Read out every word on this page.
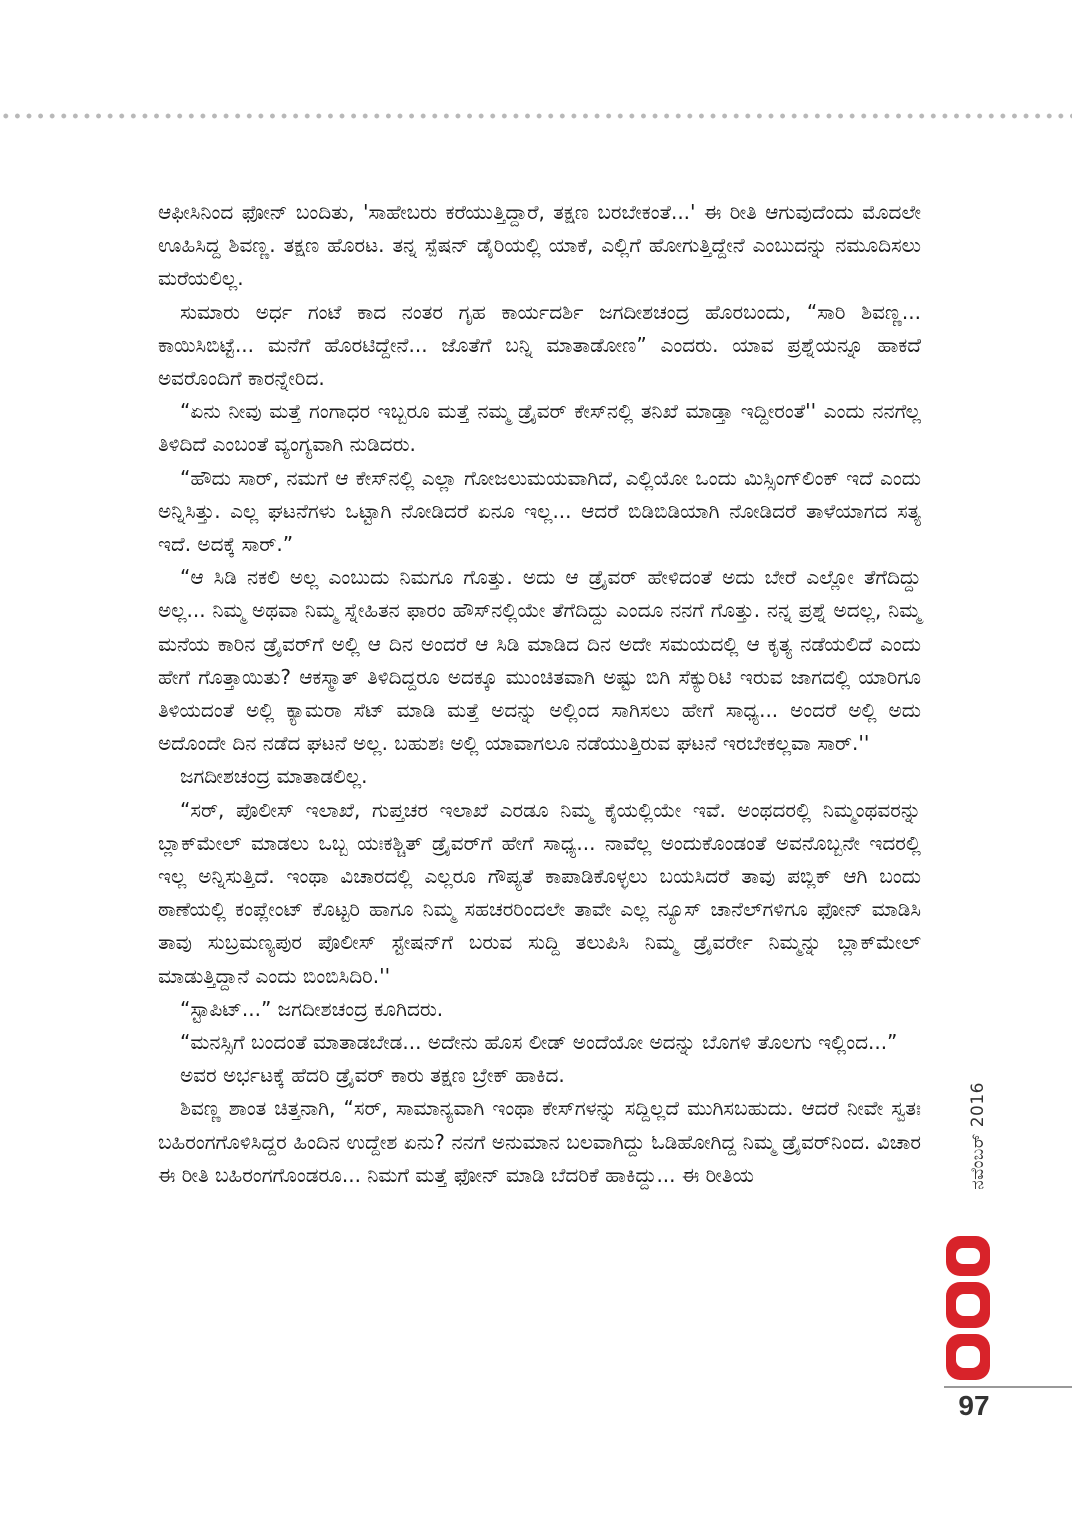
ಆಫೀಸಿನಿಂದ ಫೋನ್ ಬಂದಿತು, 'ಸಾಹೇಬರು ಕರೆಯುತ್ತಿದ್ದಾರೆ, ತಕ್ಷಣ ಬರಬೇಕಂತೆ...' ಈ ರೀತಿ ಆಗುವುದೆಂದು ಮೊದಲೇ ಊಹಿಸಿದ್ದ ಶಿವಣ್ಣ. ತಕ್ಷಣ ಹೊರಟ. ತನ್ನ ಸ್ಪೆಷನ್ ಡೈರಿಯಲ್ಲಿ ಯಾಕೆ, ಎಲ್ಲಿಗೆ ಹೋಗುತ್ತಿದ್ದೇನೆ ಎಂಬುದನ್ನು ನಮೂದಿಸಲು ಮರೆಯಲಿಲ್ಲ.

ಸುಮಾರು ಅರ್ಧ ಗಂಟೆ ಕಾದ ನಂತರ ಗೃಹ ಕಾರ್ಯದರ್ಶಿ ಜಗದೀಶಚಂದ್ರ ಹೊರಬಂದು, “ಸಾರಿ ಶಿವಣ್ಣ... ಕಾಯಿಸಿಬಿಟ್ಟೆ... ಮನೆಗೆ ಹೊರಟಿದ್ದೇನೆ... ಜೊತೆಗೆ ಬನ್ನಿ ಮಾತಾಡೋಣ” ಎಂದರು. ಯಾವ ಪ್ರಶ್ನೆಯನ್ನೂ ಹಾಕದೆ ಅವರೊಂದಿಗೆ ಕಾರನ್ನೇರಿದ.

“ಏನು ನೀವು ಮತ್ತೆ ಗಂಗಾಧರ ಇಬ್ಬರೂ ಮತ್ತೆ ನಮ್ಮ ಡ್ರೈವರ್ ಕೇಸ್‌ನಲ್ಲಿ ತನಿಖೆ ಮಾಡ್ತಾ ಇದ್ದೀರಂತೆ'' ಎಂದು ನನಗೆಲ್ಲ ತಿಳಿದಿದೆ ಎಂಬಂತೆ ವ್ಯಂಗ್ಯವಾಗಿ ನುಡಿದರು.

“ಹೌದು ಸಾರ್, ನಮಗೆ ಆ ಕೇಸ್‌ನಲ್ಲಿ ಎಲ್ಲಾ ಗೋಜಲುಮಯವಾಗಿದೆ, ಎಲ್ಲಿಯೋ ಒಂದು ಮಿಸ್ಸಿಂಗ್‌ಲಿಂಕ್ ಇದೆ ಎಂದು ಅನ್ನಿಸಿತ್ತು. ಎಲ್ಲ ಘಟನೆಗಳು ಒಟ್ಟಾಗಿ ನೋಡಿದರೆ ಏನೂ ಇಲ್ಲ... ಆದರೆ ಬಿಡಿಬಿಡಿಯಾಗಿ ನೋಡಿದರೆ ತಾಳೆಯಾಗದ ಸತ್ಯ ಇದೆ. ಅದಕ್ಕೆ ಸಾರ್.”

“ಆ ಸಿಡಿ ನಕಲಿ ಅಲ್ಲ ಎಂಬುದು ನಿಮಗೂ ಗೊತ್ತು. ಅದು ಆ ಡ್ರೈವರ್ ಹೇಳಿದಂತೆ ಅದು ಬೇರೆ ಎಲ್ಲೋ ತೆಗೆದಿದ್ದು ಅಲ್ಲ... ನಿಮ್ಮ ಅಥವಾ ನಿಮ್ಮ ಸ್ನೇಹಿತನ ಫಾರಂ ಹೌಸ್‌ನಲ್ಲಿಯೇ ತೆಗೆದಿದ್ದು ಎಂದೂ ನನಗೆ ಗೊತ್ತು. ನನ್ನ ಪ್ರಶ್ನೆ ಅದಲ್ಲ, ನಿಮ್ಮ ಮನೆಯ ಕಾರಿನ ಡ್ರೈವರ್‌ಗೆ ಅಲ್ಲಿ ಆ ದಿನ ಅಂದರೆ ಆ ಸಿಡಿ ಮಾಡಿದ ದಿನ ಅದೇ ಸಮಯದಲ್ಲಿ ಆ ಕೃತ್ಯ ನಡೆಯಲಿದೆ ಎಂದು ಹೇಗೆ ಗೊತ್ತಾಯಿತು? ಆಕಸ್ಮಾತ್ ತಿಳಿದಿದ್ದರೂ ಅದಕ್ಕೂ ಮುಂಚಿತವಾಗಿ ಅಷ್ಟು ಬಿಗಿ ಸೆಕ್ಯುರಿಟಿ ಇರುವ ಜಾಗದಲ್ಲಿ ಯಾರಿಗೂ ತಿಳಿಯದಂತೆ ಅಲ್ಲಿ ಕ್ಯಾಮರಾ ಸೆಟ್ ಮಾಡಿ ಮತ್ತೆ ಅದನ್ನು ಅಲ್ಲಿಂದ ಸಾಗಿಸಲು ಹೇಗೆ ಸಾಧ್ಯ... ಅಂದರೆ ಅಲ್ಲಿ ಅದು ಅದೊಂದೇ ದಿನ ನಡೆದ ಘಟನೆ ಅಲ್ಲ. ಬಹುಶಃ ಅಲ್ಲಿ ಯಾವಾಗಲೂ ನಡೆಯುತ್ತಿರುವ ಘಟನೆ ಇರಬೇಕಲ್ಲವಾ ಸಾರ್.''

ಜಗದೀಶಚಂದ್ರ ಮಾತಾಡಲಿಲ್ಲ.

“ಸರ್, ಪೊಲೀಸ್ ಇಲಾಖೆ, ಗುಪ್ತಚರ ಇಲಾಖೆ ಎರಡೂ ನಿಮ್ಮ ಕೈಯಲ್ಲಿಯೇ ಇವೆ. ಅಂಥದರಲ್ಲಿ ನಿಮ್ಮಂಥವರನ್ನು ಬ್ಲಾಕ್‌ಮೇಲ್ ಮಾಡಲು ಒಬ್ಬ ಯಃಕಶ್ಚಿತ್ ಡ್ರೈವರ್‌ಗೆ ಹೇಗೆ ಸಾಧ್ಯ... ನಾವೆಲ್ಲ ಅಂದುಕೊಂಡಂತೆ ಅವನೊಬ್ಬನೇ ಇದರಲ್ಲಿ ಇಲ್ಲ ಅನ್ನಿಸುತ್ತಿದೆ. ಇಂಥಾ ವಿಚಾರದಲ್ಲಿ ಎಲ್ಲರೂ ಗೌಪ್ಯತೆ ಕಾಪಾಡಿಕೊಳ್ಳಲು ಬಯಸಿದರೆ ತಾವು ಪಬ್ಲಿಕ್ ಆಗಿ ಬಂದು ಠಾಣೆಯಲ್ಲಿ ಕಂಪ್ಲೇಂಟ್ ಕೊಟ್ಟರಿ ಹಾಗೂ ನಿಮ್ಮ ಸಹಚರರಿಂದಲೇ ತಾವೇ ಎಲ್ಲ ನ್ಯೂಸ್ ಚಾನೆಲ್‌ಗಳಿಗೂ ಫೋನ್ ಮಾಡಿಸಿ ತಾವು ಸುಬ್ರಮಣ್ಯಪುರ ಪೊಲೀಸ್ ಸ್ಟೇಷನ್‌ಗೆ ಬರುವ ಸುದ್ದಿ ತಲುಪಿಸಿ ನಿಮ್ಮ ಡ್ರೈವರ್ರೇ ನಿಮ್ಮನ್ನು ಬ್ಲಾಕ್‌ಮೇಲ್ ಮಾಡುತ್ತಿದ್ದಾನೆ ಎಂದು ಬಿಂಬಿಸಿದಿರಿ.''

“ಸ್ಟಾಪಿಟ್...” ಜಗದೀಶಚಂದ್ರ ಕೂಗಿದರು.

“ಮನಸ್ಸಿಗೆ ಬಂದಂತೆ ಮಾತಾಡಬೇಡ... ಅದೇನು ಹೊಸ ಲೀಡ್ ಅಂದೆಯೋ ಅದನ್ನು ಬೊಗಳಿ ತೊಲಗು ಇಲ್ಲಿಂದ...”

ಅವರ ಅರ್ಭಟಕ್ಕೆ ಹೆದರಿ ಡ್ರೈವರ್ ಕಾರು ತಕ್ಷಣ ಬ್ರೇಕ್ ಹಾಕಿದ.

ಶಿವಣ್ಣ ಶಾಂತ ಚಿತ್ತನಾಗಿ, “ಸರ್, ಸಾಮಾನ್ಯವಾಗಿ ಇಂಥಾ ಕೇಸ್‌ಗಳನ್ನು ಸದ್ದಿಲ್ಲದೆ ಮುಗಿಸಬಹುದು. ಆದರೆ ನೀವೇ ಸ್ವತಃ ಬಹಿರಂಗಗೊಳಿಸಿದ್ದರ ಹಿಂದಿನ ಉದ್ದೇಶ ಏನು? ನನಗೆ ಅನುಮಾನ ಬಲವಾಗಿದ್ದು ಓಡಿಹೋಗಿದ್ದ ನಿಮ್ಮ ಡ್ರೈವರ್‌ನಿಂದ. ವಿಚಾರ ಈ ರೀತಿ ಬಹಿರಂಗಗೊಂಡರೂ... ನಿಮಗೆ ಮತ್ತೆ ಫೋನ್ ಮಾಡಿ ಬೆದರಿಕೆ ಹಾಕಿದ್ದು... ಈ ರೀತಿಯ	ನವೆಂಬರ್ 2016
97
